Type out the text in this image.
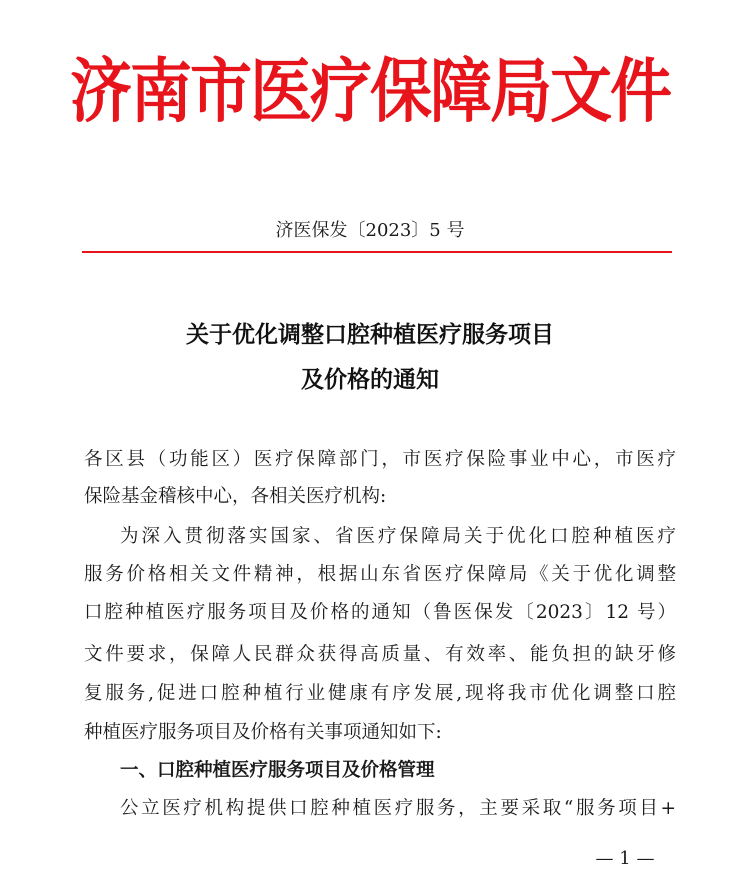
济南市医疗保障局文件
济医保发〔2023〕5 号
关于优化调整口腔种植医疗服务项目
及价格的通知
各区县（功能区）医疗保障部门，市医疗保险事业中心，市医疗
保险基金稽核中心，各相关医疗机构:
为深入贯彻落实国家、省医疗保障局关于优化口腔种植医疗
服务价格相关文件精神，根据山东省医疗保障局《关于优化调整
口腔种植医疗服务项目及价格的通知（鲁医保发〔2023〕12 号）
文件要求，保障人民群众获得高质量、有效率、能负担的缺牙修
复服务,促进口腔种植行业健康有序发展,现将我市优化调整口腔
种植医疗服务项目及价格有关事项通知如下:
一、口腔种植医疗服务项目及价格管理
公立医疗机构提供口腔种植医疗服务，主要采取“服务项目+
— 1 —
